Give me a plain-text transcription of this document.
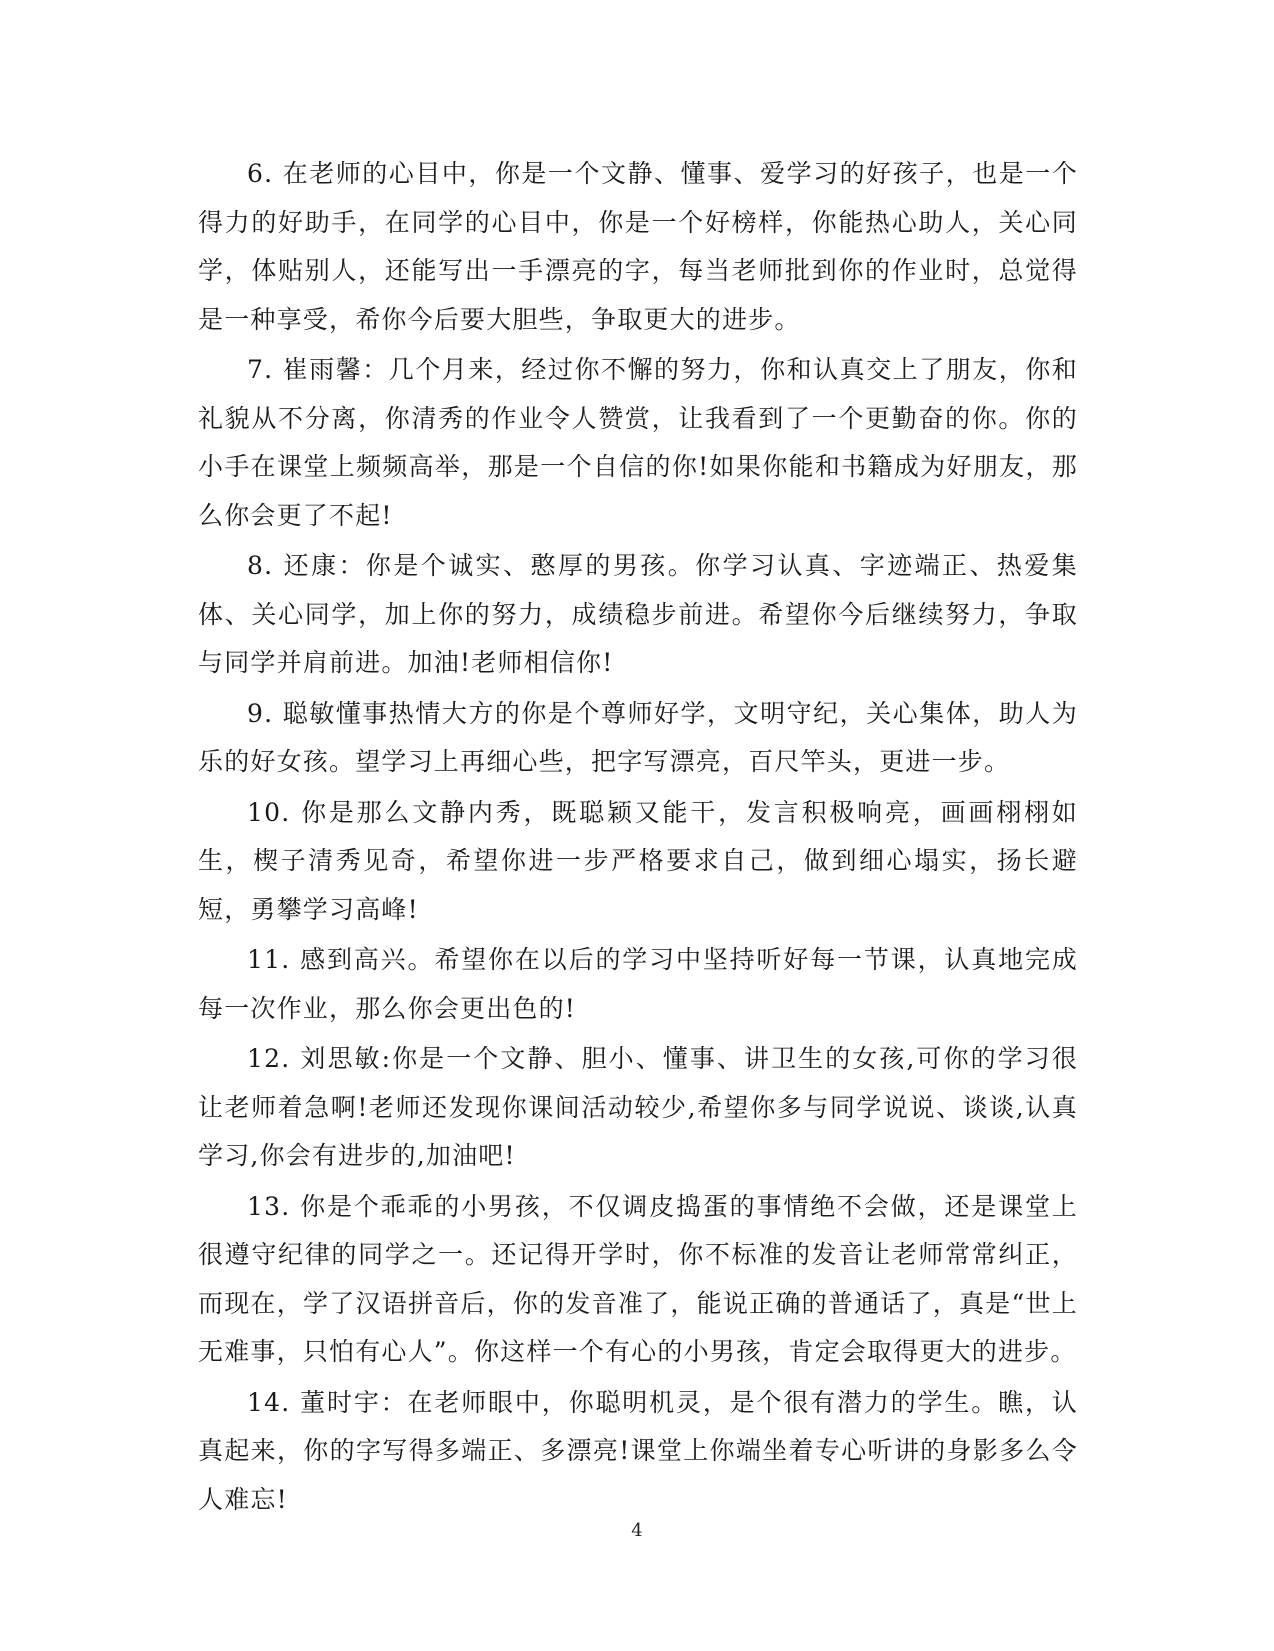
6. 在老师的心目中，你是一个文静、懂事、爱学习的好孩子，也是一个得力的好助手，在同学的心目中，你是一个好榜样，你能热心助人，关心同学，体贴别人，还能写出一手漂亮的字，每当老师批到你的作业时，总觉得是一种享受，希你今后要大胆些，争取更大的进步。

7. 崔雨馨：几个月来，经过你不懈的努力，你和认真交上了朋友，你和礼貌从不分离，你清秀的作业令人赞赏，让我看到了一个更勤奋的你。你的小手在课堂上频频高举，那是一个自信的你!如果你能和书籍成为好朋友，那么你会更了不起!

8. 还康：你是个诚实、憨厚的男孩。你学习认真、字迹端正、热爱集体、关心同学，加上你的努力，成绩稳步前进。希望你今后继续努力，争取与同学并肩前进。加油!老师相信你!

9. 聪敏懂事热情大方的你是个尊师好学，文明守纪，关心集体，助人为乐的好女孩。望学习上再细心些，把字写漂亮，百尺竿头，更进一步。

10. 你是那么文静内秀，既聪颖又能干，发言积极响亮，画画栩栩如生，楔子清秀见奇，希望你进一步严格要求自己，做到细心塌实，扬长避短，勇攀学习高峰!

11. 感到高兴。希望你在以后的学习中坚持听好每一节课，认真地完成每一次作业，那么你会更出色的!

12. 刘思敏:你是一个文静、胆小、懂事、讲卫生的女孩,可你的学习很让老师着急啊!老师还发现你课间活动较少,希望你多与同学说说、谈谈,认真学习,你会有进步的,加油吧!

13. 你是个乖乖的小男孩，不仅调皮捣蛋的事情绝不会做，还是课堂上很遵守纪律的同学之一。还记得开学时，你不标准的发音让老师常常纠正，而现在，学了汉语拼音后，你的发音准了，能说正确的普通话了，真是“世上无难事，只怕有心人”。你这样一个有心的小男孩，肯定会取得更大的进步。

14. 董时宇：在老师眼中，你聪明机灵，是个很有潜力的学生。瞧，认真起来，你的字写得多端正、多漂亮!课堂上你端坐着专心听讲的身影多么令人难忘!

4
